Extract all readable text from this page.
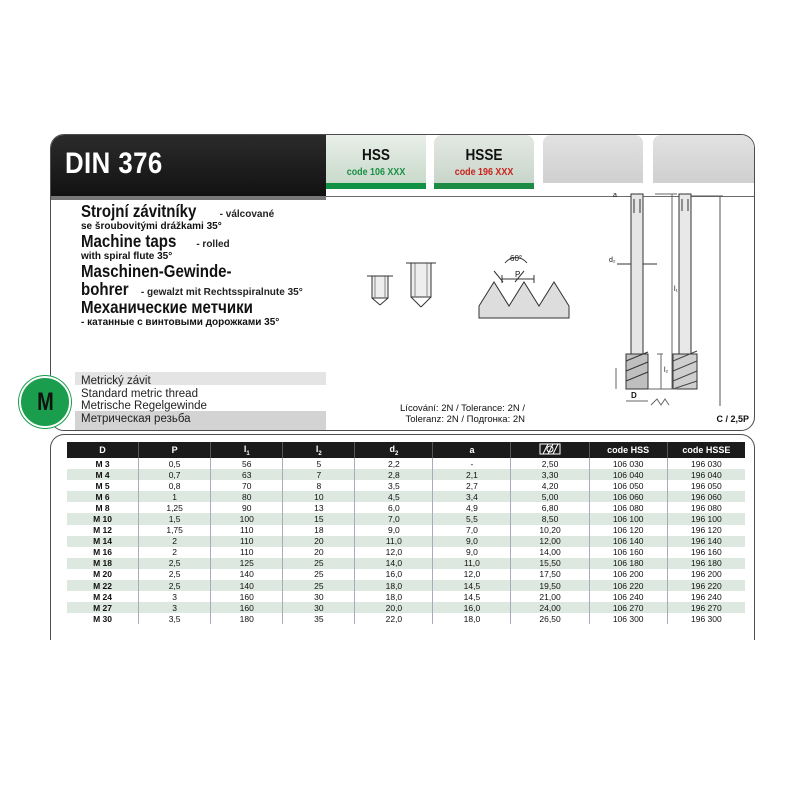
DIN 376	HSS
code 106 XXX
HSSE
code 196 XXX
Strojní závitníky - válcované
se šroubovitými drážkami 35°
Machine taps - rolled
with spiral flute 35°
Maschinen-Gewinde-
bohrer - gewalzt mit Rechtsspiralnute 35°
Механические метчики
- катанные с винтовыми дорожками 35°
Metrický závit
Standard metric thread
Metrische Regelgewinde
Метрическая резьба
60°
P
a
d₂
l₁
l₂
D
Lícování: 2N / Tolerance: 2N /
Toleranz: 2N / Подгонка: 2N	C / 2,5P
M
D	P	$l_1$	$l_2$	$d_2$	a		code HSS	code HSSE
M 3	0,5	56	5	2,2	-	2,50	106 030	196 030
M 4	0,7	63	7	2,8	2,1	3,30	106 040	196 040
M 5	0,8	70	8	3,5	2,7	4,20	106 050	196 050
M 6	1	80	10	4,5	3,4	5,00	106 060	196 060
M 8	1,25	90	13	6,0	4,9	6,80	106 080	196 080
M 10	1,5	100	15	7,0	5,5	8,50	106 100	196 100
M 12	1,75	110	18	9,0	7,0	10,20	106 120	196 120
M 14	2	110	20	11,0	9,0	12,00	106 140	196 140
M 16	2	110	20	12,0	9,0	14,00	106 160	196 160
M 18	2,5	125	25	14,0	11,0	15,50	106 180	196 180
M 20	2,5	140	25	16,0	12,0	17,50	106 200	196 200
M 22	2,5	140	25	18,0	14,5	19,50	106 220	196 220
M 24	3	160	30	18,0	14,5	21,00	106 240	196 240
M 27	3	160	30	20,0	16,0	24,00	106 270	196 270
M 30	3,5	180	35	22,0	18,0	26,50	106 300	196 300
